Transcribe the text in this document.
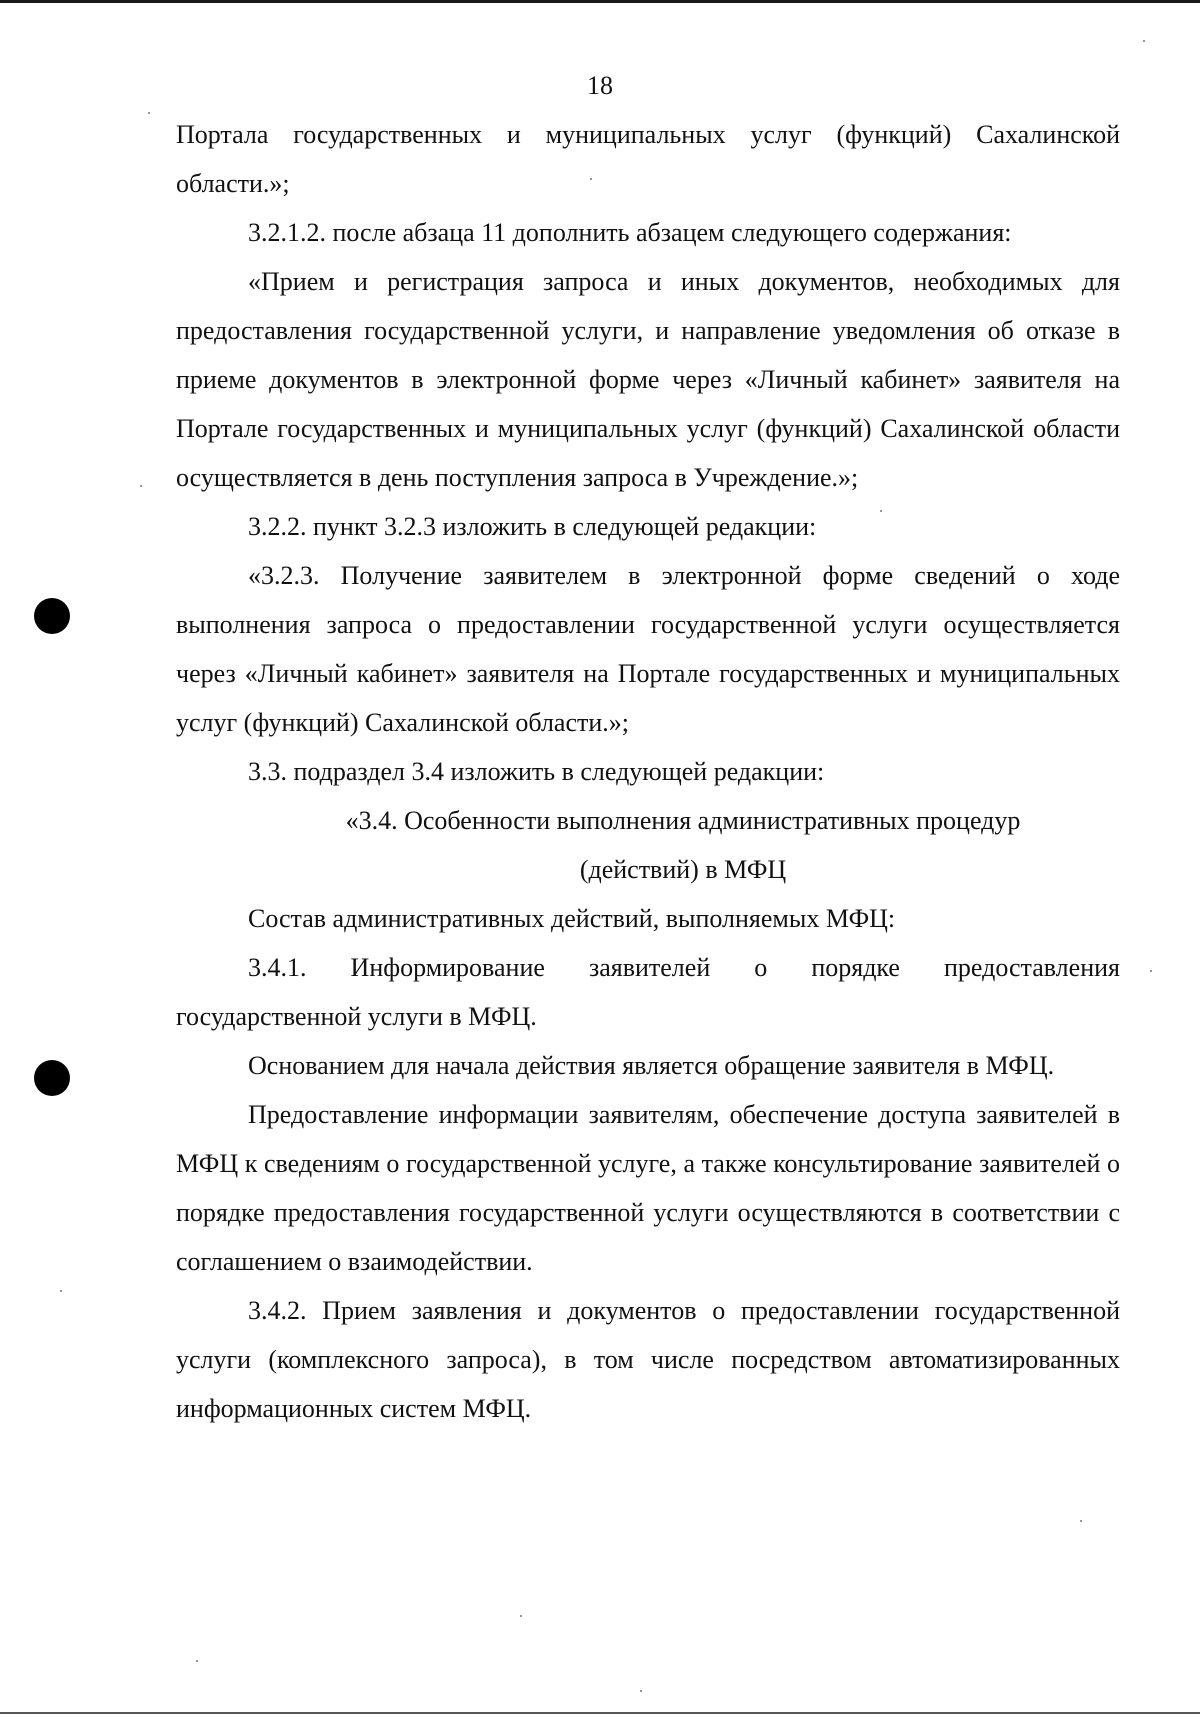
18

Портала государственных и муниципальных услуг (функций) Сахалинской области.»;

3.2.1.2. после абзаца 11 дополнить абзацем следующего содержания:

«Прием и регистрация запроса и иных документов, необходимых для предоставления государственной услуги, и направление уведомления об отказе в приеме документов в электронной форме через «Личный кабинет» заявителя на Портале государственных и муниципальных услуг (функций) Сахалинской области осуществляется в день поступления запроса в Учреждение.»;

3.2.2. пункт 3.2.3 изложить в следующей редакции:

«3.2.3. Получение заявителем в электронной форме сведений о ходе выполнения запроса о предоставлении государственной услуги осуществляется через «Личный кабинет» заявителя на Портале государственных и муниципальных услуг (функций) Сахалинской области.»;

3.3. подраздел 3.4 изложить в следующей редакции:

«3.4. Особенности выполнения административных процедур

(действий) в МФЦ

Состав административных действий, выполняемых МФЦ:

3.4.1. Информирование заявителей о порядке предоставления государственной услуги в МФЦ.

Основанием для начала действия является обращение заявителя в МФЦ.

Предоставление информации заявителям, обеспечение доступа заявителей в МФЦ к сведениям о государственной услуге, а также консультирование заявителей о порядке предоставления государственной услуги осуществляются в соответствии с соглашением о взаимодействии.

3.4.2. Прием заявления и документов о предоставлении государственной услуги (комплексного запроса), в том числе посредством автоматизированных информационных систем МФЦ.
